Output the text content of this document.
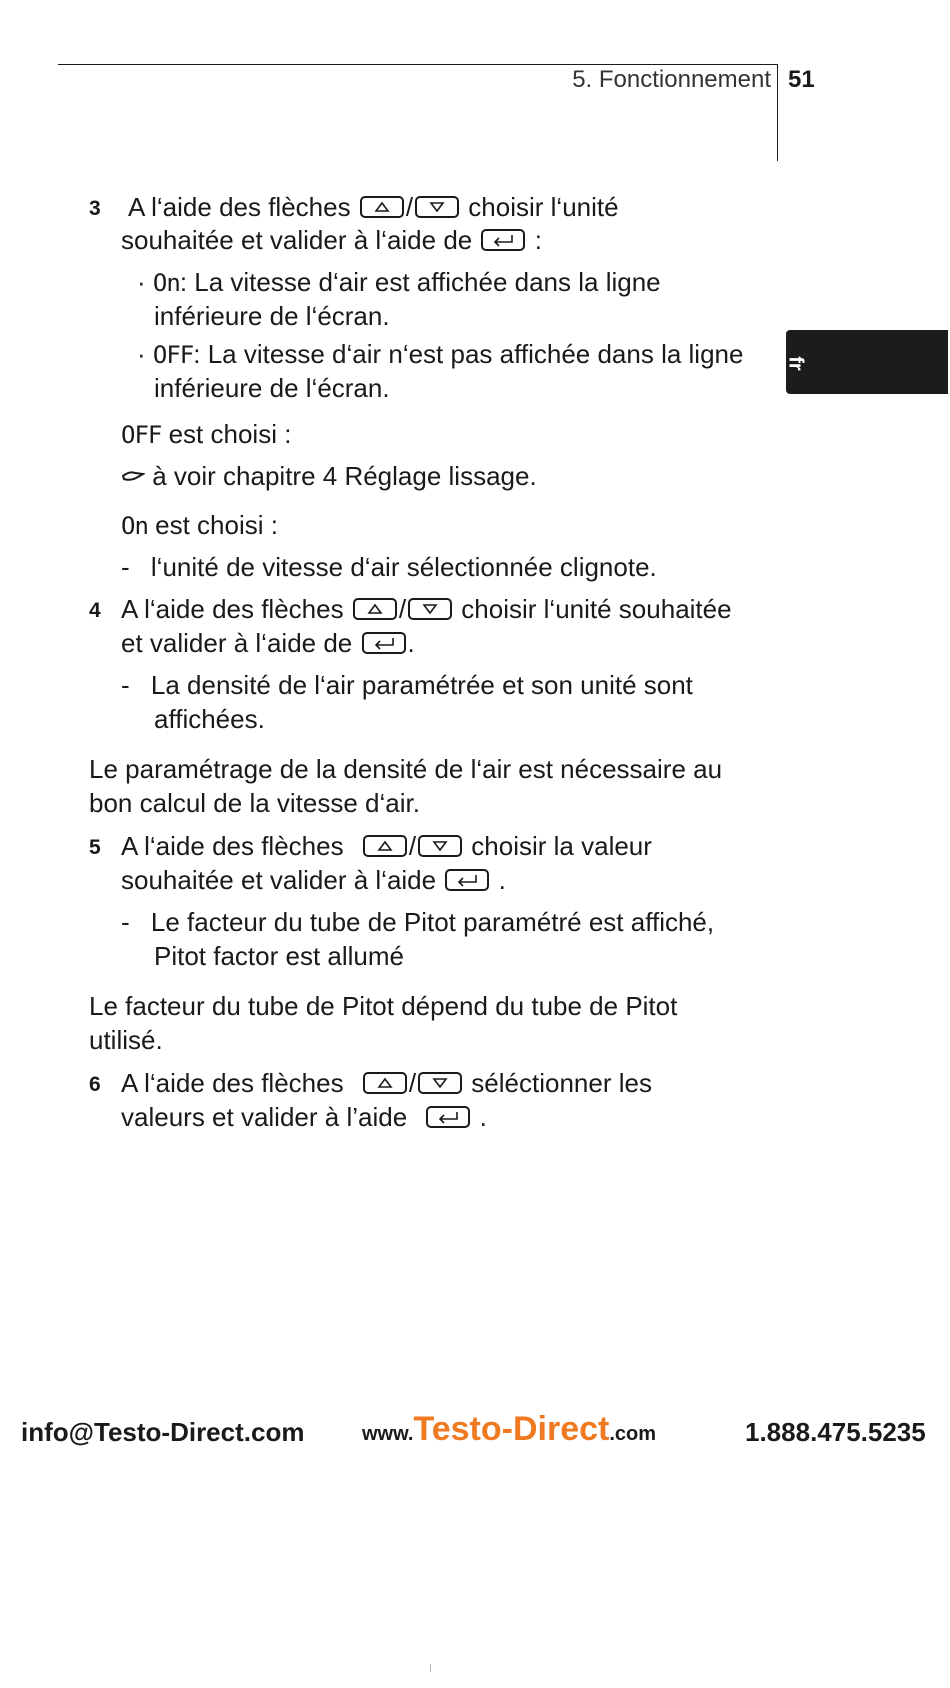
5. Fonctionnement 51
fr
3 A l‘aide des flèches / choisir l‘unité
souhaitée et valider à l‘aide de :
· On: La vitesse d‘air est affichée dans la ligne
inférieure de l‘écran.
· OFF: La vitesse d‘air n‘est pas affichée dans la ligne
inférieure de l‘écran.
OFF est choisi :
à voir chapitre 4 Réglage lissage.
On est choisi :
- l‘unité de vitesse d‘air sélectionnée clignote.
4 A l‘aide des flèches / choisir l‘unité souhaitée
et valider à l‘aide de .
- La densité de l‘air paramétrée et son unité sont
affichées.
Le paramétrage de la densité de l‘air est nécessaire au
bon calcul de la vitesse d‘air.
5 A l‘aide des flèches	/ choisir la valeur
souhaitée et valider à l‘aide .
- Le facteur du tube de Pitot paramétré est affiché,
Pitot factor est allumé
Le facteur du tube de Pitot dépend du tube de Pitot
utilisé.
6 A l‘aide des flèches	/ séléctionner les
valeurs et valider à l’aide	.
info@Testo-Direct.com	www.Testo-Direct.com	1.888.475.5235
